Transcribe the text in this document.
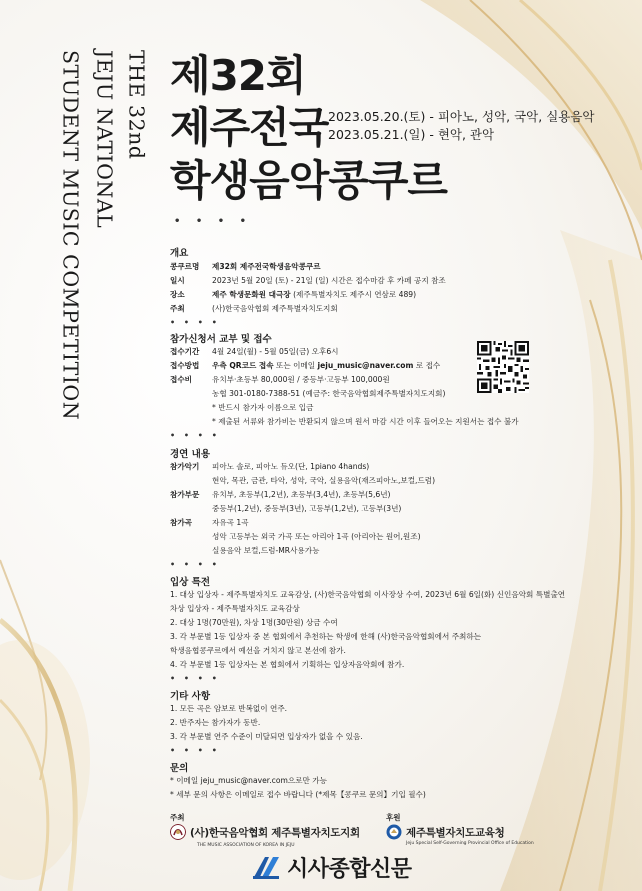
THE 32nd
JEJU NATIONAL
STUDENT MUSIC COMPETITION 제32회
제주전국
학생음악콩쿠르
2023.05.20.(토) - 피아노, 성악, 국악, 실용음악
2023.05.21.(일) - 현악, 관악
• • • •
개요
콩쿠르명 제32회 제주전국학생음악콩쿠르
일시	2023년 5월 20일 (토) - 21일 (일) 시간은 접수마감 후 카페 공지 참조
장소	제주 학생문화원 대극장 (제주특별자치도 제주시 연삼로 489)
주최	(사)한국음악협회 제주특별자치도지회
• • • •
참가신청서 교부 및 접수
접수기간 4월 24일(월) - 5월 05일(금) 오후6시
접수방법 우측 QR코드 접속 또는 이메일 jeju_music@naver.com 로 접수
접수비	유치부·초등부 80,000원 / 중등부·고등부 100,000원
농협 301-0180-7388-51 (예금주: 한국음악협회제주특별자치도지회)
* 반드시 참가자 이름으로 입금
* 제출된 서류와 참가비는 반환되지 않으며 원서 마감 시간 이후 들어오는 지원서는 접수 불가
• • • •
경연 내용
참가악기 피아노 솔로, 피아노 듀오(단, 1piano 4hands)
현악, 목관, 금관, 타악, 성악, 국악, 실용음악(재즈피아노,보컬,드럼)
참가부문 유치부, 초등부(1,2년), 초등부(3,4년), 초등부(5,6년)
중등부(1,2년), 중등부(3년), 고등부(1,2년), 고등부(3년)
참가곡	자유곡 1곡
성악 고등부는 외국 가곡 또는 아리아 1곡 (아리아는 원어,원조)
실용음악 보컬,드럼-MR사용가능
• • • •
입상 특전
1. 대상 입상자 - 제주특별자치도 교육감상, (사)한국음악협회 이사장상 수여, 2023년 6월 6일(화) 신인음악회 특별출연
차상 입상자 - 제주특별자치도 교육감상
2. 대상 1명(70만원), 차상 1명(30만원) 상금 수여
3. 각 부문별 1등 입상자 중 본 협회에서 추천하는 학생에 한해 (사)한국음악협회에서 주최하는
학생음협콩쿠르에서 예선을 거치지 않고 본선에 참가.
4. 각 부문별 1등 입상자는 본 협회에서 기획하는 입상자음악회에 참가.
• • • •
기타 사항
1. 모든 곡은 암보로 반복없이 연주.
2. 반주자는 참가자가 동반.
3. 각 부문별 연주 수준이 미달되면 입상자가 없을 수 있음.
• • • •
문의
* 이메일 jeju_music@naver.com으로만 가능
* 세부 문의 사항은 이메일로 접수 바랍니다 (*제목【콩쿠르 문의】기입 필수)
주최
(사)한국음악협회 제주특별자치도지회
THE MUSIC ASSOCIATION OF KOREA IN JEJU
후원
제주특별자치도교육청
Jeju Special Self-Governing Provincial Office of Education
시사종합신문
